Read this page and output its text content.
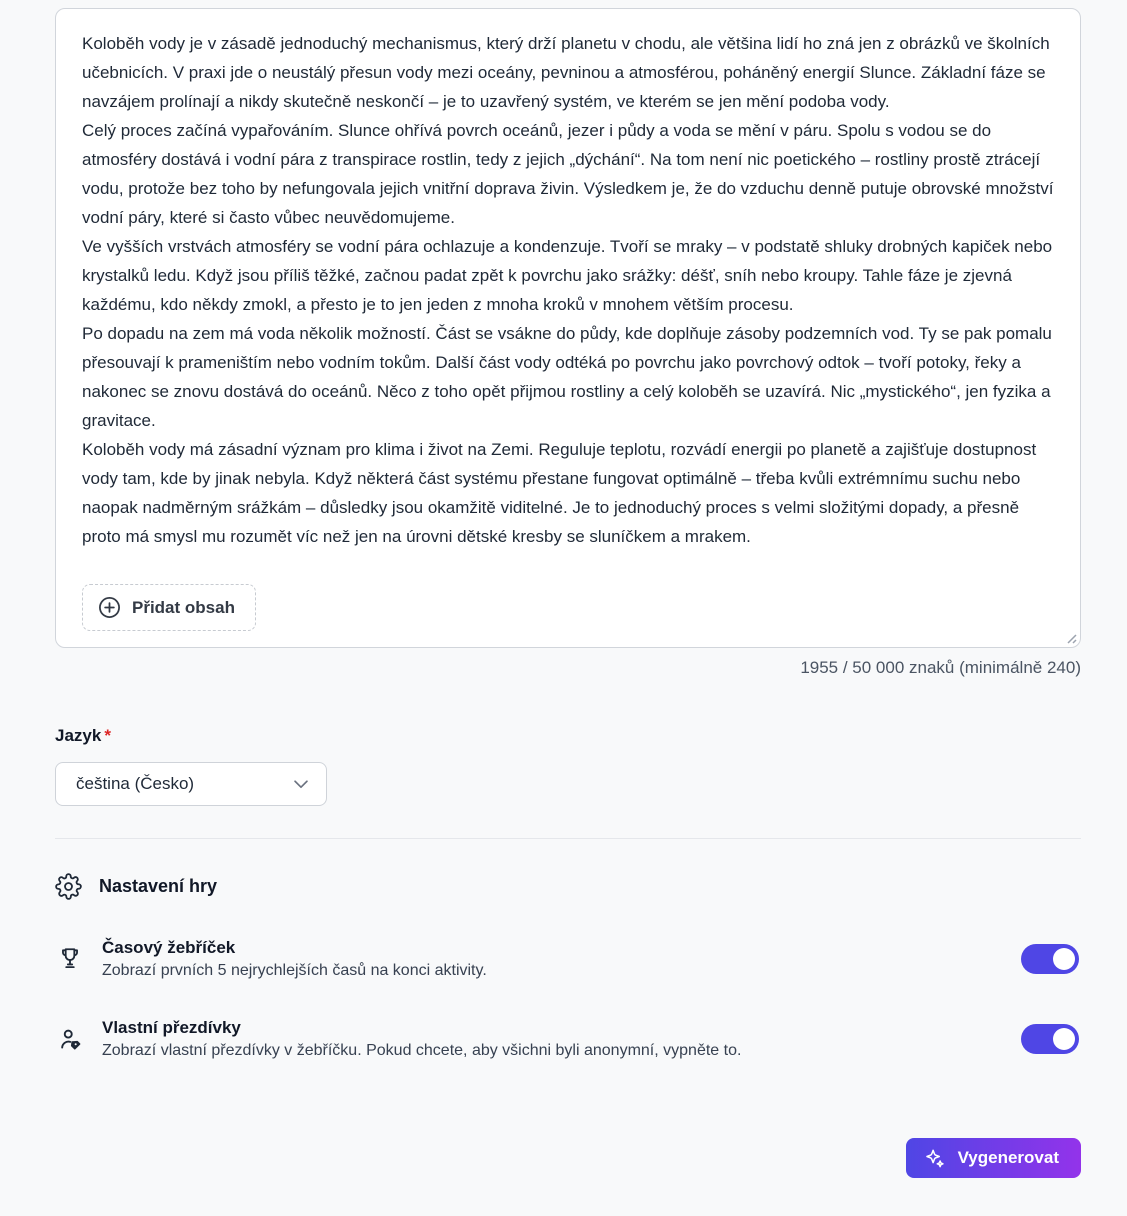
Koloběh vody je v zásadě jednoduchý mechanismus, který drží planetu v chodu, ale většina lidí ho zná jen z obrázků ve školních učebnicích. V praxi jde o neustálý přesun vody mezi oceány, pevninou a atmosférou, poháněný energií Slunce. Základní fáze se navzájem prolínají a nikdy skutečně neskončí – je to uzavřený systém, ve kterém se jen mění podoba vody.

Celý proces začíná vypařováním. Slunce ohřívá povrch oceánů, jezer i půdy a voda se mění v páru. Spolu s vodou se do atmosféry dostává i vodní pára z transpirace rostlin, tedy z jejich „dýchání“. Na tom není nic poetického – rostliny prostě ztrácejí vodu, protože bez toho by nefungovala jejich vnitřní doprava živin. Výsledkem je, že do vzduchu denně putuje obrovské množství vodní páry, které si často vůbec neuvědomujeme.

Ve vyšších vrstvách atmosféry se vodní pára ochlazuje a kondenzuje. Tvoří se mraky – v podstatě shluky drobných kapiček nebo krystalků ledu. Když jsou příliš těžké, začnou padat zpět k povrchu jako srážky: déšť, sníh nebo kroupy. Tahle fáze je zjevná každému, kdo někdy zmokl, a přesto je to jen jeden z mnoha kroků v mnohem větším procesu.

Po dopadu na zem má voda několik možností. Část se vsákne do půdy, kde doplňuje zásoby podzemních vod. Ty se pak pomalu přesouvají k prameništím nebo vodním tokům. Další část vody odtéká po povrchu jako povrchový odtok – tvoří potoky, řeky a nakonec se znovu dostává do oceánů. Něco z toho opět přijmou rostliny a celý koloběh se uzavírá. Nic „mystického“, jen fyzika a gravitace.

Koloběh vody má zásadní význam pro klima i život na Zemi. Reguluje teplotu, rozvádí energii po planetě a zajišťuje dostupnost vody tam, kde by jinak nebyla. Když některá část systému přestane fungovat optimálně – třeba kvůli extrémnímu suchu nebo naopak nadměrným srážkám – důsledky jsou okamžitě viditelné. Je to jednoduchý proces s velmi složitými dopady, a přesně proto má smysl mu rozumět víc než jen na úrovni dětské kresby se sluníčkem a mrakem.

Přidat obsah
1955 / 50 000 znaků (minimálně 240)
Jazyk *
čeština (Česko)
Nastavení hry
Časový žebříček
Zobrazí prvních 5 nejrychlejších časů na konci aktivity.
Vlastní přezdívky
Zobrazí vlastní přezdívky v žebříčku. Pokud chcete, aby všichni byli anonymní, vypněte to.
Vygenerovat
